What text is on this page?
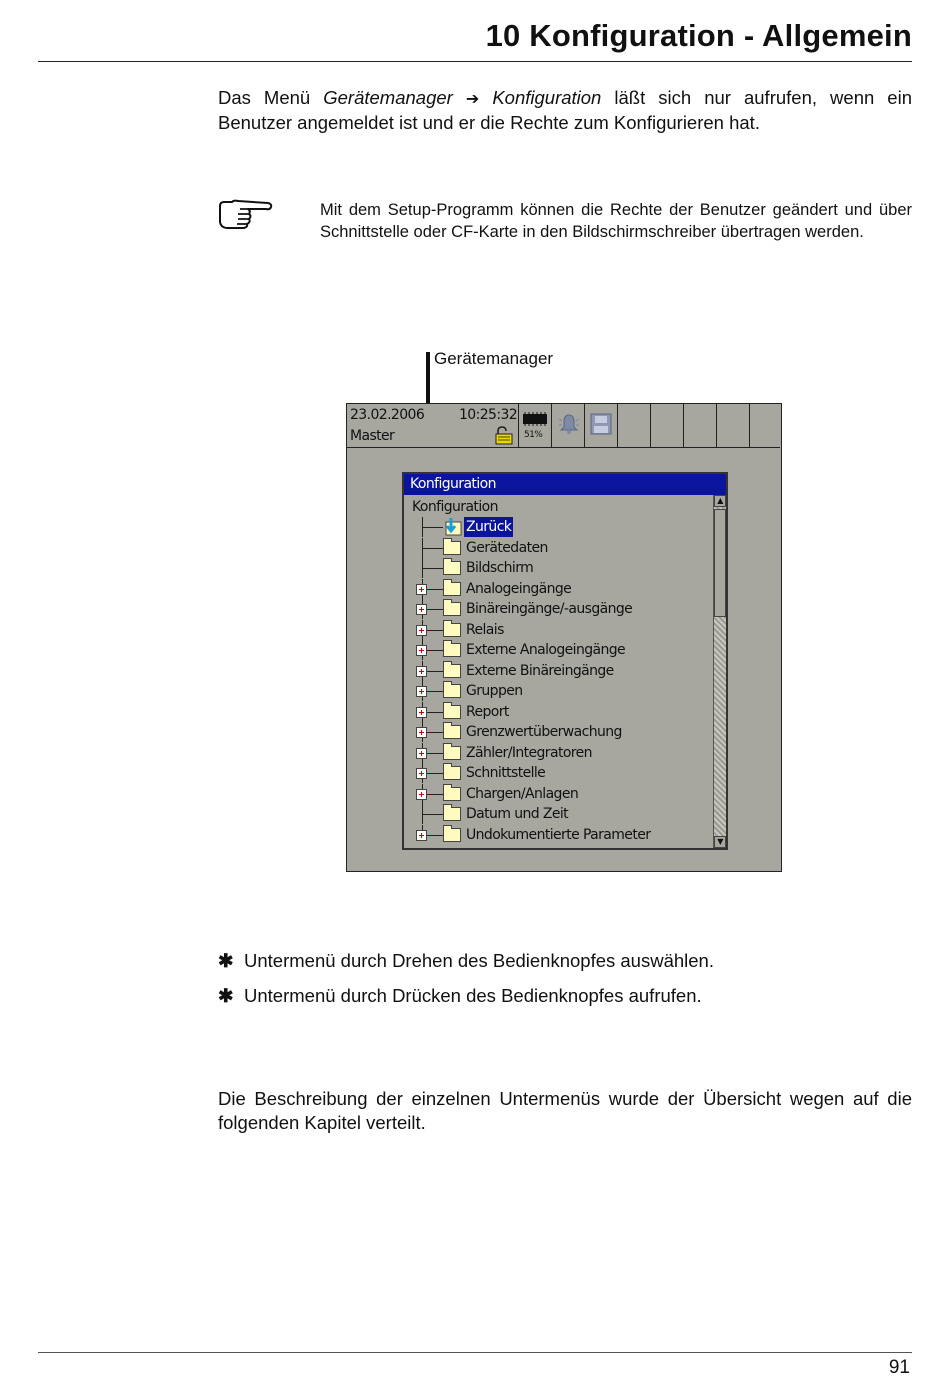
10 Konfiguration - Allgemein
Das Menü Gerätemanager ➔ Konfiguration läßt sich nur aufrufen, wenn ein Benutzer angemeldet ist und er die Rechte zum Konfigurieren hat.
Mit dem Setup-Programm können die Rechte der Benutzer geändert und über Schnittstelle oder CF-Karte in den Bildschirmschreiber übertragen werden.
Gerätemanager
23.02.2006 10:25:32
Master	51%
Konfiguration
Konfiguration
Zurück
Gerätedaten
Bildschirm
Analogeingänge
Binäreingänge/-ausgänge
Relais
Externe Analogeingänge
Externe Binäreingänge
Gruppen
Report
Grenzwertüberwachung
Zähler/Integratoren
Schnittstelle
Chargen/Anlagen
Datum und Zeit
Undokumentierte Parameter
▲
▼
✱ Untermenü durch Drehen des Bedienknopfes auswählen.
✱ Untermenü durch Drücken des Bedienknopfes aufrufen.
Die Beschreibung der einzelnen Untermenüs wurde der Übersicht wegen auf die folgenden Kapitel verteilt.
91
